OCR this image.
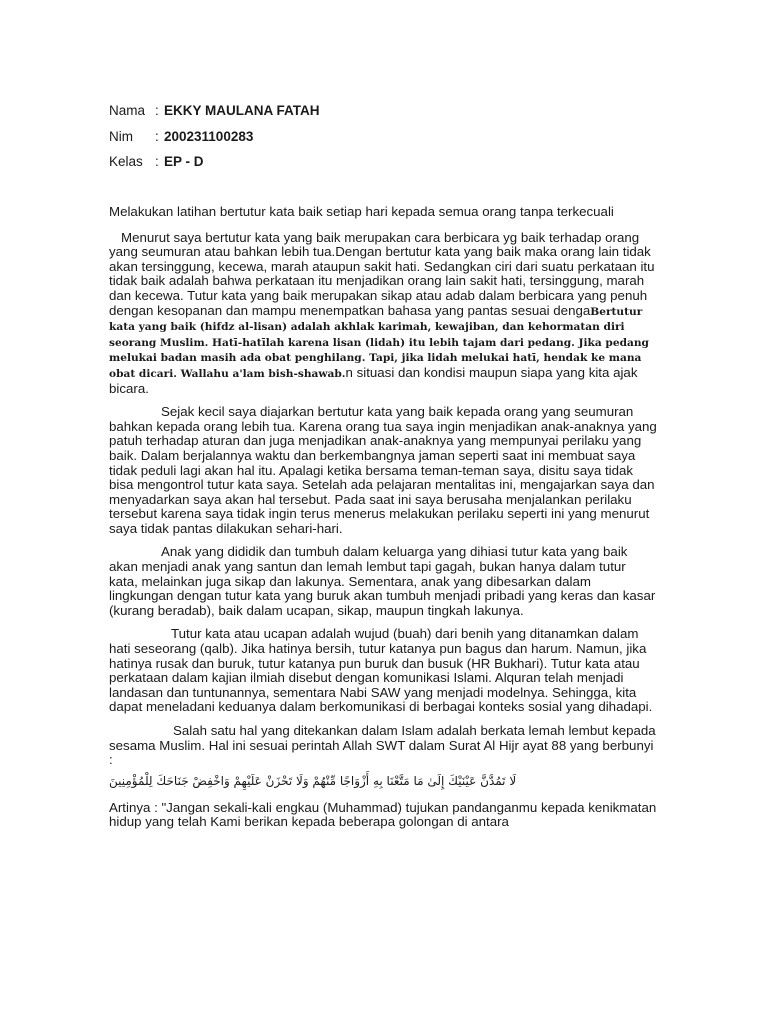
Nama : EKKY MAULANA FATAH
Nim : 200231100283
Kelas : EP - D

Melakukan latihan bertutur kata baik setiap hari kepada semua orang tanpa terkecuali

Menurut saya bertutur kata yang baik merupakan cara berbicara yg baik terhadap orang yang seumuran atau bahkan lebih tua.Dengan bertutur kata yang baik maka orang lain tidak akan tersinggung, kecewa, marah ataupun sakit hati. Sedangkan ciri dari suatu perkataan itu tidak baik adalah bahwa perkataan itu menjadikan orang lain sakit hati, tersinggung, marah dan kecewa. Tutur kata yang baik merupakan sikap atau adab dalam berbicara yang penuh dengan kesopanan dan mampu menempatkan bahasa yang pantas sesuai dengaBertutur kata yang baik (hifdz al-lisan) adalah akhlak karimah, kewajiban, dan kehormatan diri seorang Muslim. Hatī-hatīlah karena lisan (lidah) itu lebih tajam dari pedang. Jika pedang melukai badan masih ada obat penghilang. Tapi, jika lidah melukai hatī, hendak ke mana obat dicari. Wallahu a'lam bish-shawab.n situasi dan kondisi maupun siapa yang kita ajak bicara.

Sejak kecil saya diajarkan bertutur kata yang baik kepada orang yang seumuran bahkan kepada orang lebih tua. Karena orang tua saya ingin menjadikan anak-anaknya yang patuh terhadap aturan dan juga menjadikan anak-anaknya yang mempunyai perilaku yang baik. Dalam berjalannya waktu dan berkembangnya jaman seperti saat ini membuat saya tidak peduli lagi akan hal itu. Apalagi ketika bersama teman-teman saya, disitu saya tidak bisa mengontrol tutur kata saya. Setelah ada pelajaran mentalitas ini, mengajarkan saya dan menyadarkan saya akan hal tersebut. Pada saat ini saya berusaha menjalankan perilaku tersebut karena saya tidak ingin terus menerus melakukan perilaku seperti ini yang menurut saya tidak pantas dilakukan sehari-hari.

Anak yang dididik dan tumbuh dalam keluarga yang dihiasi tutur kata yang baik akan menjadi anak yang santun dan lemah lembut tapi gagah, bukan hanya dalam tutur kata, melainkan juga sikap dan lakunya. Sementara, anak yang dibesarkan dalam lingkungan dengan tutur kata yang buruk akan tumbuh menjadi pribadi yang keras dan kasar (kurang beradab), baik dalam ucapan, sikap, maupun tingkah lakunya.

Tutur kata atau ucapan adalah wujud (buah) dari benih yang ditanamkan dalam hati seseorang (qalb). Jika hatinya bersih, tutur katanya pun bagus dan harum. Namun, jika hatinya rusak dan buruk, tutur katanya pun buruk dan busuk (HR Bukhari). Tutur kata atau perkataan dalam kajian ilmiah disebut dengan komunikasi Islami. Alquran telah menjadi landasan dan tuntunannya, sementara Nabi SAW yang menjadi modelnya. Sehingga, kita dapat meneladani keduanya dalam berkomunikasi di berbagai konteks sosial yang dihadapi.

Salah satu hal yang ditekankan dalam Islam adalah berkata lemah lembut kepada sesama Muslim. Hal ini sesuai perintah Allah SWT dalam Surat Al Hijr ayat 88 yang berbunyi :

لَا تَمُدَّنَّ عَيْنَيْكَ إِلَىٰ مَا مَتَّعْنَا بِهِ أَزْوَاجًا مِّنْهُمْ وَلَا تَحْزَنْ عَلَيْهِمْ وَاخْفِضْ جَنَاحَكَ لِلْمُؤْمِنِينَ

Artinya : "Jangan sekali-kali engkau (Muhammad) tujukan pandanganmu kepada kenikmatan hidup yang telah Kami berikan kepada beberapa golongan di antara
